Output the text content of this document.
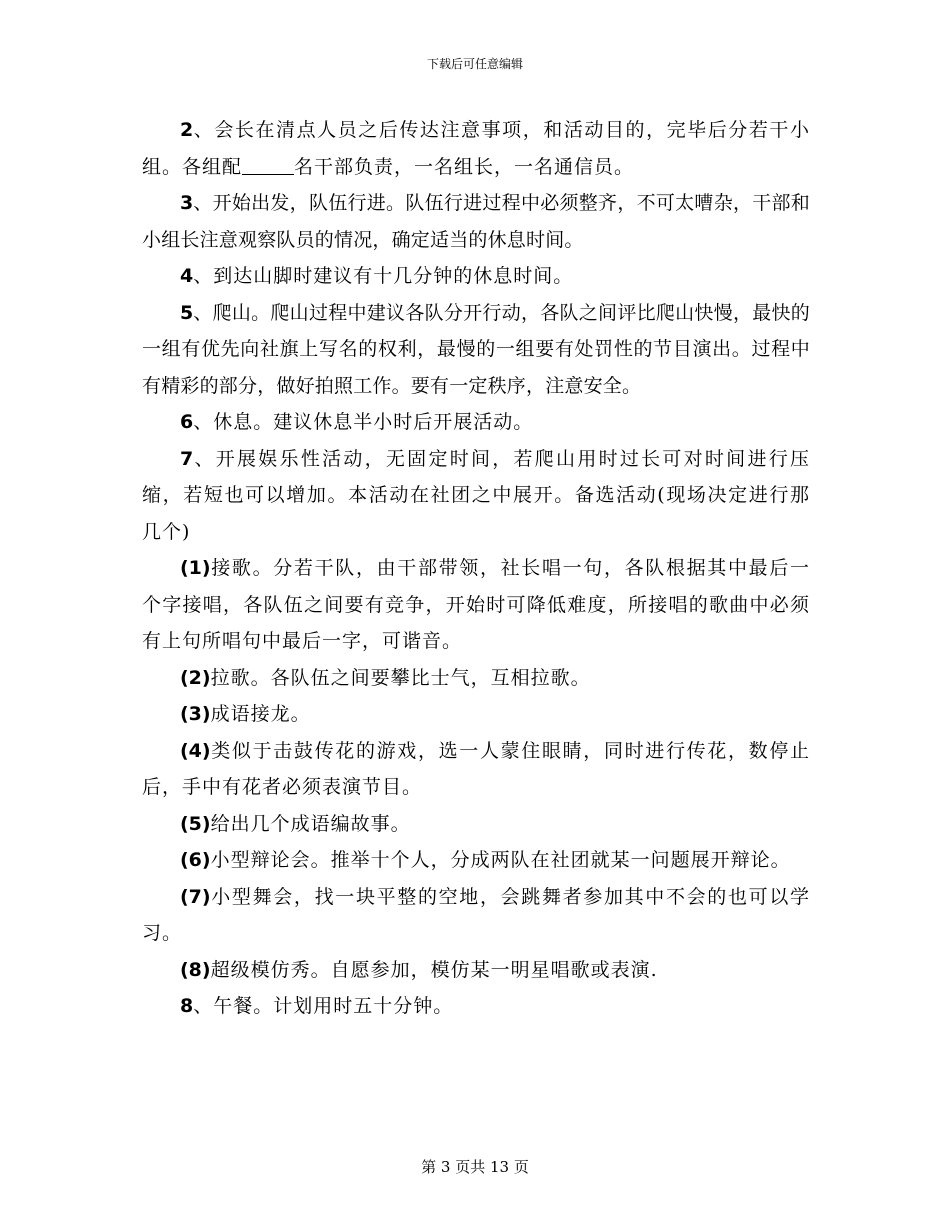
下载后可任意编辑

2、会长在清点人员之后传达注意事项，和活动目的，完毕后分若干小组。各组配	名干部负责，一名组长，一名通信员。

3、开始出发，队伍行进。队伍行进过程中必须整齐，不可太嘈杂，干部和小组长注意观察队员的情况，确定适当的休息时间。

4、到达山脚时建议有十几分钟的休息时间。

5、爬山。爬山过程中建议各队分开行动，各队之间评比爬山快慢，最快的一组有优先向社旗上写名的权利，最慢的一组要有处罚性的节目演出。过程中有精彩的部分，做好拍照工作。要有一定秩序，注意安全。

6、休息。建议休息半小时后开展活动。

7、开展娱乐性活动，无固定时间，若爬山用时过长可对时间进行压缩，若短也可以增加。本活动在社团之中展开。备选活动(现场决定进行那几个)

(1)接歌。分若干队，由干部带领，社长唱一句，各队根据其中最后一个字接唱，各队伍之间要有竞争，开始时可降低难度，所接唱的歌曲中必须有上句所唱句中最后一字，可谐音。

(2)拉歌。各队伍之间要攀比士气，互相拉歌。

(3)成语接龙。

(4)类似于击鼓传花的游戏，选一人蒙住眼睛，同时进行传花，数停止后，手中有花者必须表演节目。

(5)给出几个成语编故事。

(6)小型辩论会。推举十个人，分成两队在社团就某一问题展开辩论。

(7)小型舞会，找一块平整的空地，会跳舞者参加其中不会的也可以学习。

(8)超级模仿秀。自愿参加，模仿某一明星唱歌或表演.

8、午餐。计划用时五十分钟。

第 3 页共 13 页
